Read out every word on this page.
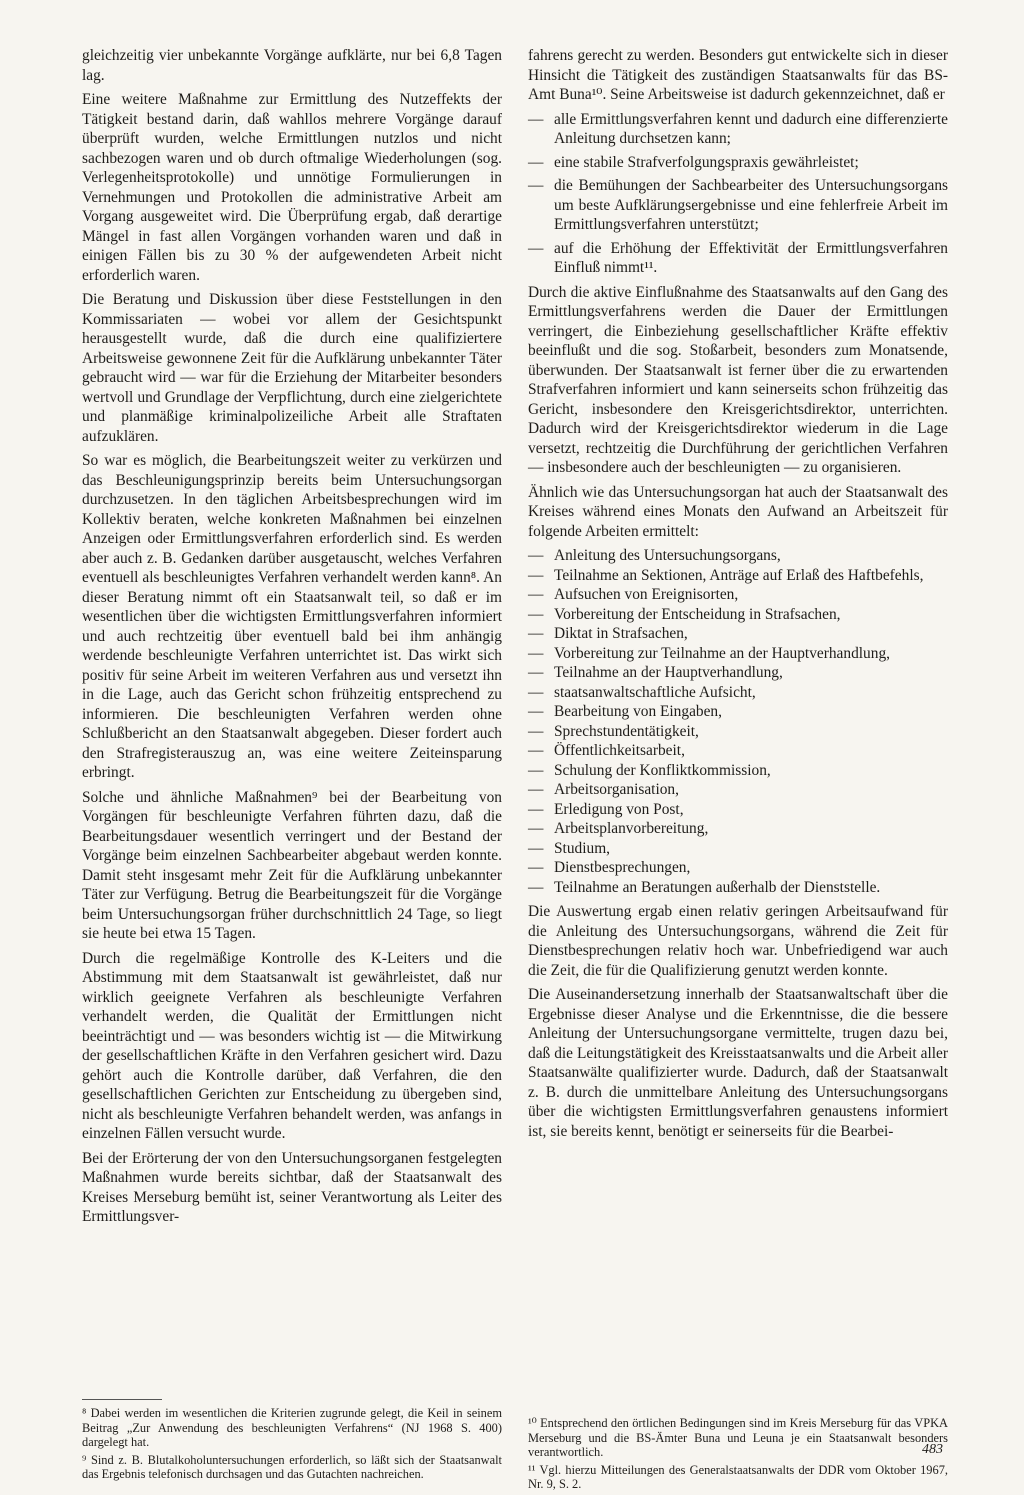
gleichzeitig vier unbekannte Vorgänge aufklärte, nur bei 6,8 Tagen lag.

Eine weitere Maßnahme zur Ermittlung des Nutzeffekts der Tätigkeit bestand darin, daß wahllos mehrere Vorgänge darauf überprüft wurden, welche Ermittlungen nutzlos und nicht sachbezogen waren und ob durch oftmalige Wiederholungen (sog. Verlegenheitsprotokolle) und unnötige Formulierungen in Vernehmungen und Protokollen die administrative Arbeit am Vorgang ausgeweitet wird. Die Überprüfung ergab, daß derartige Mängel in fast allen Vorgängen vorhanden waren und daß in einigen Fällen bis zu 30 % der aufgewendeten Arbeit nicht erforderlich waren.

Die Beratung und Diskussion über diese Feststellungen in den Kommissariaten — wobei vor allem der Gesichtspunkt herausgestellt wurde, daß die durch eine qualifiziertere Arbeitsweise gewonnene Zeit für die Aufklärung unbekannter Täter gebraucht wird — war für die Erziehung der Mitarbeiter besonders wertvoll und Grundlage der Verpflichtung, durch eine zielgerichtete und planmäßige kriminalpolizeiliche Arbeit alle Straftaten aufzuklären.

So war es möglich, die Bearbeitungszeit weiter zu verkürzen und das Beschleunigungsprinzip bereits beim Untersuchungsorgan durchzusetzen. In den täglichen Arbeitsbesprechungen wird im Kollektiv beraten, welche konkreten Maßnahmen bei einzelnen Anzeigen oder Ermittlungsverfahren erforderlich sind. Es werden aber auch z. B. Gedanken darüber ausgetauscht, welches Verfahren eventuell als beschleunigtes Verfahren verhandelt werden kann⁸. An dieser Beratung nimmt oft ein Staatsanwalt teil, so daß er im wesentlichen über die wichtigsten Ermittlungsverfahren informiert und auch rechtzeitig über eventuell bald bei ihm anhängig werdende beschleunigte Verfahren unterrichtet ist. Das wirkt sich positiv für seine Arbeit im weiteren Verfahren aus und versetzt ihn in die Lage, auch das Gericht schon frühzeitig entsprechend zu informieren. Die beschleunigten Verfahren werden ohne Schlußbericht an den Staatsanwalt abgegeben. Dieser fordert auch den Strafregisterauszug an, was eine weitere Zeiteinsparung erbringt.

Solche und ähnliche Maßnahmen⁹ bei der Bearbeitung von Vorgängen für beschleunigte Verfahren führten dazu, daß die Bearbeitungsdauer wesentlich verringert und der Bestand der Vorgänge beim einzelnen Sachbearbeiter abgebaut werden konnte. Damit steht insgesamt mehr Zeit für die Aufklärung unbekannter Täter zur Verfügung. Betrug die Bearbeitungszeit für die Vorgänge beim Untersuchungsorgan früher durchschnittlich 24 Tage, so liegt sie heute bei etwa 15 Tagen.

Durch die regelmäßige Kontrolle des K-Leiters und die Abstimmung mit dem Staatsanwalt ist gewährleistet, daß nur wirklich geeignete Verfahren als beschleunigte Verfahren verhandelt werden, die Qualität der Ermittlungen nicht beeinträchtigt und — was besonders wichtig ist — die Mitwirkung der gesellschaftlichen Kräfte in den Verfahren gesichert wird. Dazu gehört auch die Kontrolle darüber, daß Verfahren, die den gesellschaftlichen Gerichten zur Entscheidung zu übergeben sind, nicht als beschleunigte Verfahren behandelt werden, was anfangs in einzelnen Fällen versucht wurde.

Bei der Erörterung der von den Untersuchungsorganen festgelegten Maßnahmen wurde bereits sichtbar, daß der Staatsanwalt des Kreises Merseburg bemüht ist, seiner Verantwortung als Leiter des Ermittlungsver-

fahrens gerecht zu werden. Besonders gut entwickelte sich in dieser Hinsicht die Tätigkeit des zuständigen Staatsanwalts für das BS-Amt Buna¹⁰. Seine Arbeitsweise ist dadurch gekennzeichnet, daß er

— alle Ermittlungsverfahren kennt und dadurch eine differenzierte Anleitung durchsetzen kann;
— eine stabile Strafverfolgungspraxis gewährleistet;
— die Bemühungen der Sachbearbeiter des Untersuchungsorgans um beste Aufklärungsergebnisse und eine fehlerfreie Arbeit im Ermittlungsverfahren unterstützt;
— auf die Erhöhung der Effektivität der Ermittlungsverfahren Einfluß nimmt¹¹.

Durch die aktive Einflußnahme des Staatsanwalts auf den Gang des Ermittlungsverfahrens werden die Dauer der Ermittlungen verringert, die Einbeziehung gesellschaftlicher Kräfte effektiv beeinflußt und die sog. Stoßarbeit, besonders zum Monatsende, überwunden. Der Staatsanwalt ist ferner über die zu erwartenden Strafverfahren informiert und kann seinerseits schon frühzeitig das Gericht, insbesondere den Kreisgerichtsdirektor, unterrichten. Dadurch wird der Kreisgerichtsdirektor wiederum in die Lage versetzt, rechtzeitig die Durchführung der gerichtlichen Verfahren — insbesondere auch der beschleunigten — zu organisieren.

Ähnlich wie das Untersuchungsorgan hat auch der Staatsanwalt des Kreises während eines Monats den Aufwand an Arbeitszeit für folgende Arbeiten ermittelt:

— Anleitung des Untersuchungsorgans,
— Teilnahme an Sektionen, Anträge auf Erlaß des Haftbefehls,
— Aufsuchen von Ereignisorten,
— Vorbereitung der Entscheidung in Strafsachen,
— Diktat in Strafsachen,
— Vorbereitung zur Teilnahme an der Hauptverhandlung,
— Teilnahme an der Hauptverhandlung,
— staatsanwaltschaftliche Aufsicht,
— Bearbeitung von Eingaben,
— Sprechstundentätigkeit,
— Öffentlichkeitsarbeit,
— Schulung der Konfliktkommission,
— Arbeitsorganisation,
— Erledigung von Post,
— Arbeitsplanvorbereitung,
— Studium,
— Dienstbesprechungen,
— Teilnahme an Beratungen außerhalb der Dienststelle.

Die Auswertung ergab einen relativ geringen Arbeitsaufwand für die Anleitung des Untersuchungsorgans, während die Zeit für Dienstbesprechungen relativ hoch war. Unbefriedigend war auch die Zeit, die für die Qualifizierung genutzt werden konnte.

Die Auseinandersetzung innerhalb der Staatsanwaltschaft über die Ergebnisse dieser Analyse und die Erkenntnisse, die die bessere Anleitung der Untersuchungsorgane vermittelte, trugen dazu bei, daß die Leitungstätigkeit des Kreisstaatsanwalts und die Arbeit aller Staatsanwälte qualifizierter wurde. Dadurch, daß der Staatsanwalt z. B. durch die unmittelbare Anleitung des Untersuchungsorgans über die wichtigsten Ermittlungsverfahren genaustens informiert ist, sie bereits kennt, benötigt er seinerseits für die Bearbei-

⁸ Dabei werden im wesentlichen die Kriterien zugrunde gelegt, die Keil in seinem Beitrag „Zur Anwendung des beschleunigten Verfahrens“ (NJ 1968 S. 400) dargelegt hat.

⁹ Sind z. B. Blutalkoholuntersuchungen erforderlich, so läßt sich der Staatsanwalt das Ergebnis telefonisch durchsagen und das Gutachten nachreichen.

¹⁰ Entsprechend den örtlichen Bedingungen sind im Kreis Merseburg für das VPKA Merseburg und die BS-Ämter Buna und Leuna je ein Staatsanwalt besonders verantwortlich.

¹¹ Vgl. hierzu Mitteilungen des Generalstaatsanwalts der DDR vom Oktober 1967, Nr. 9, S. 2.

483
